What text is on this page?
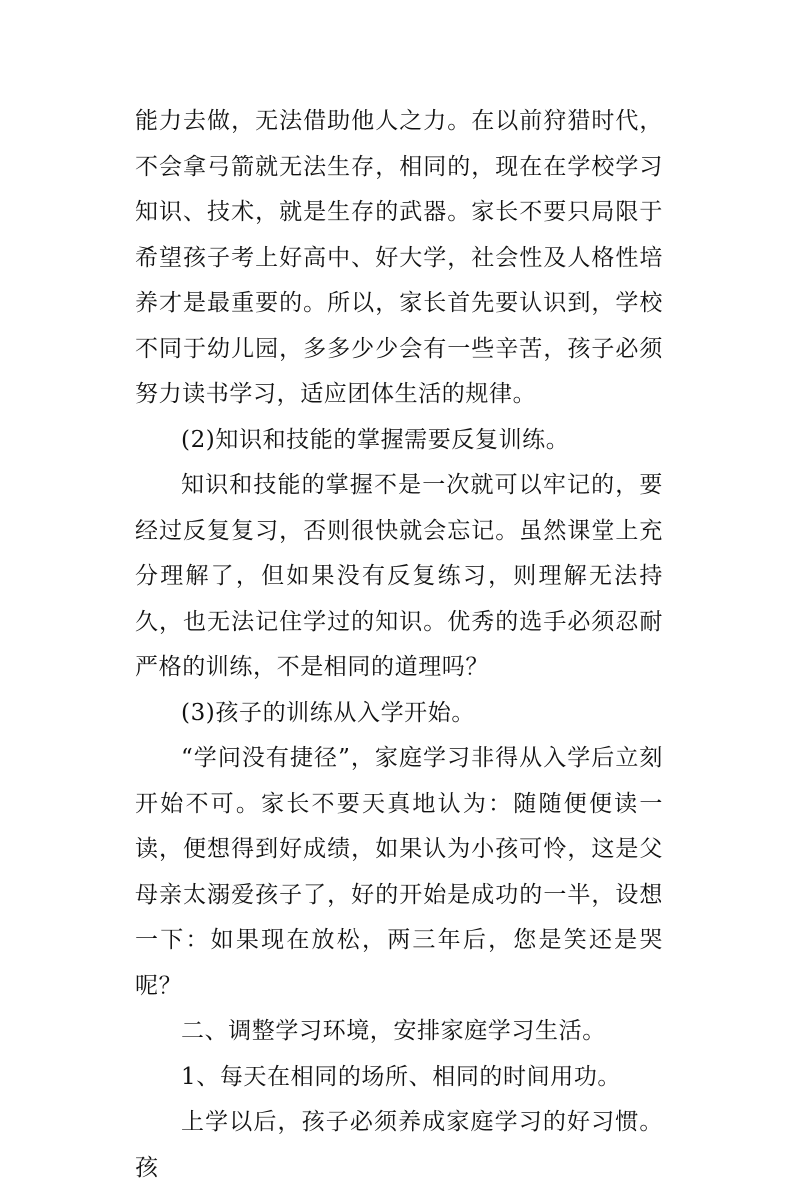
能力去做，无法借助他人之力。在以前狩猎时代，不会拿弓箭就无法生存，相同的，现在在学校学习知识、技术，就是生存的武器。家长不要只局限于希望孩子考上好高中、好大学，社会性及人格性培养才是最重要的。所以，家长首先要认识到，学校不同于幼儿园，多多少少会有一些辛苦，孩子必须努力读书学习，适应团体生活的规律。

(2)知识和技能的掌握需要反复训练。

知识和技能的掌握不是一次就可以牢记的，要经过反复复习，否则很快就会忘记。虽然课堂上充分理解了，但如果没有反复练习，则理解无法持久，也无法记住学过的知识。优秀的选手必须忍耐严格的训练，不是相同的道理吗？

(3)孩子的训练从入学开始。

“学问没有捷径”，家庭学习非得从入学后立刻开始不可。家长不要天真地认为：随随便便读一读，便想得到好成绩，如果认为小孩可怜，这是父母亲太溺爱孩子了，好的开始是成功的一半，设想一下：如果现在放松，两三年后，您是笑还是哭呢？

二、调整学习环境，安排家庭学习生活。

1、每天在相同的场所、相同的时间用功。

上学以后，孩子必须养成家庭学习的好习惯。孩
